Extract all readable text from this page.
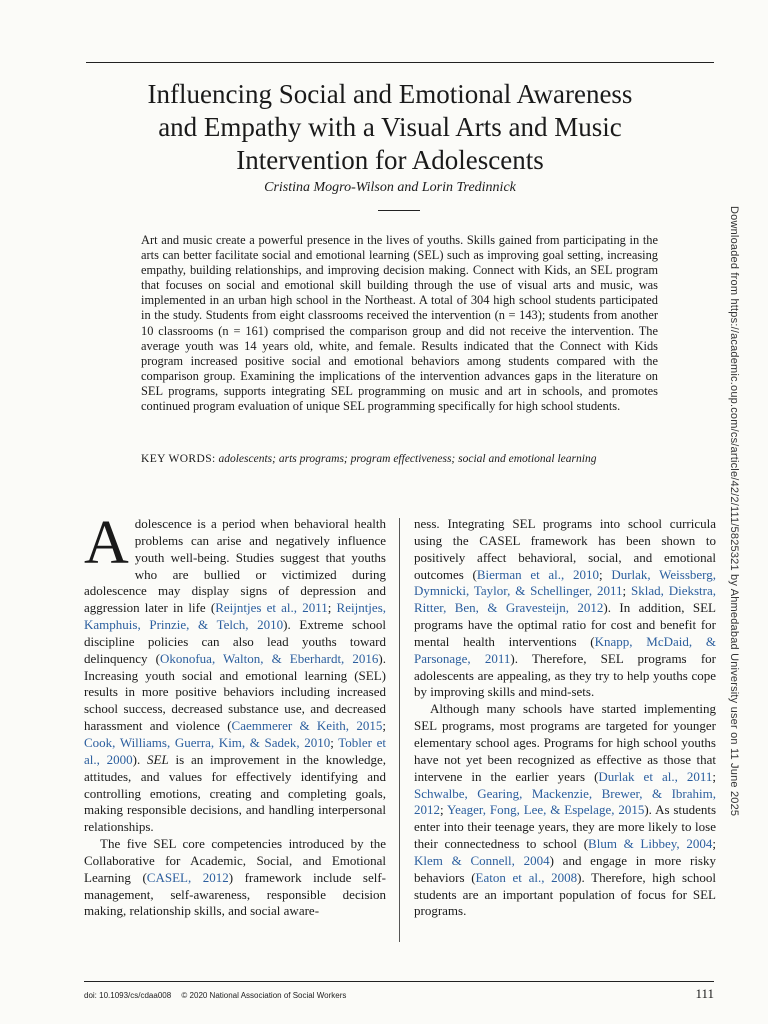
Influencing Social and Emotional Awareness
and Empathy with a Visual Arts and Music
Intervention for Adolescents
Cristina Mogro-Wilson and Lorin Tredinnick

Art and music create a powerful presence in the lives of youths. Skills gained from participating in the arts can better facilitate social and emotional learning (SEL) such as improving goal setting, increasing empathy, building relationships, and improving decision making. Connect with Kids, an SEL program that focuses on social and emotional skill building through the use of visual arts and music, was implemented in an urban high school in the Northeast. A total of 304 high school students participated in the study. Students from eight classrooms received the intervention (n = 143); students from another 10 classrooms (n = 161) comprised the comparison group and did not receive the intervention. The average youth was 14 years old, white, and female. Results indicated that the Connect with Kids program increased positive social and emotional behaviors among students compared with the comparison group. Examining the implications of the intervention advances gaps in the literature on SEL programs, supports integrating SEL programming on music and art in schools, and promotes continued program evaluation of unique SEL programming specifically for high school students.

KEY WORDS: adolescents; arts programs; program effectiveness; social and emotional learning

A dolescence is a period when behavioral health problems can arise and negatively influence youth well-being. Studies suggest that youths who are bullied or victimized during adolescence may display signs of depression and aggression later in life (Reijntjes et al., 2011; Reijntjes, Kamphuis, Prinzie, & Telch, 2010). Extreme school discipline policies can also lead youths toward delinquency (Okonofua, Walton, & Eberhardt, 2016). Increasing youth social and emotional learning (SEL) results in more positive behaviors including increased school success, decreased substance use, and decreased harassment and violence (Caemmerer & Keith, 2015; Cook, Williams, Guerra, Kim, & Sadek, 2010; Tobler et al., 2000). SEL is an improvement in the knowledge, attitudes, and values for effectively identifying and controlling emotions, creating and completing goals, making responsible decisions, and handling interpersonal relationships.

The five SEL core competencies introduced by the Collaborative for Academic, Social, and Emotional Learning (CASEL, 2012) framework include self-management, self-awareness, responsible decision making, relationship skills, and social aware-

ness. Integrating SEL programs into school curricula using the CASEL framework has been shown to positively affect behavioral, social, and emotional outcomes (Bierman et al., 2010; Durlak, Weissberg, Dymnicki, Taylor, & Schellinger, 2011; Sklad, Diekstra, Ritter, Ben, & Gravesteijn, 2012). In addition, SEL programs have the optimal ratio for cost and benefit for mental health interventions (Knapp, McDaid, & Parsonage, 2011). Therefore, SEL programs for adolescents are appealing, as they try to help youths cope by improving skills and mind-sets.

Although many schools have started implementing SEL programs, most programs are targeted for younger elementary school ages. Programs for high school youths have not yet been recognized as effective as those that intervene in the earlier years (Durlak et al., 2011; Schwalbe, Gearing, Mackenzie, Brewer, & Ibrahim, 2012; Yeager, Fong, Lee, & Espelage, 2015). As students enter into their teenage years, they are more likely to lose their connectedness to school (Blum & Libbey, 2004; Klem & Connell, 2004) and engage in more risky behaviors (Eaton et al., 2008). Therefore, high school students are an important population of focus for SEL programs.

Downloaded from https://academic.oup.com/cs/article/42/2/111/5825321 by Ahmedabad University user on 11 June 2025
doi: 10.1093/cs/cdaa008 © 2020 National Association of Social Workers	111
